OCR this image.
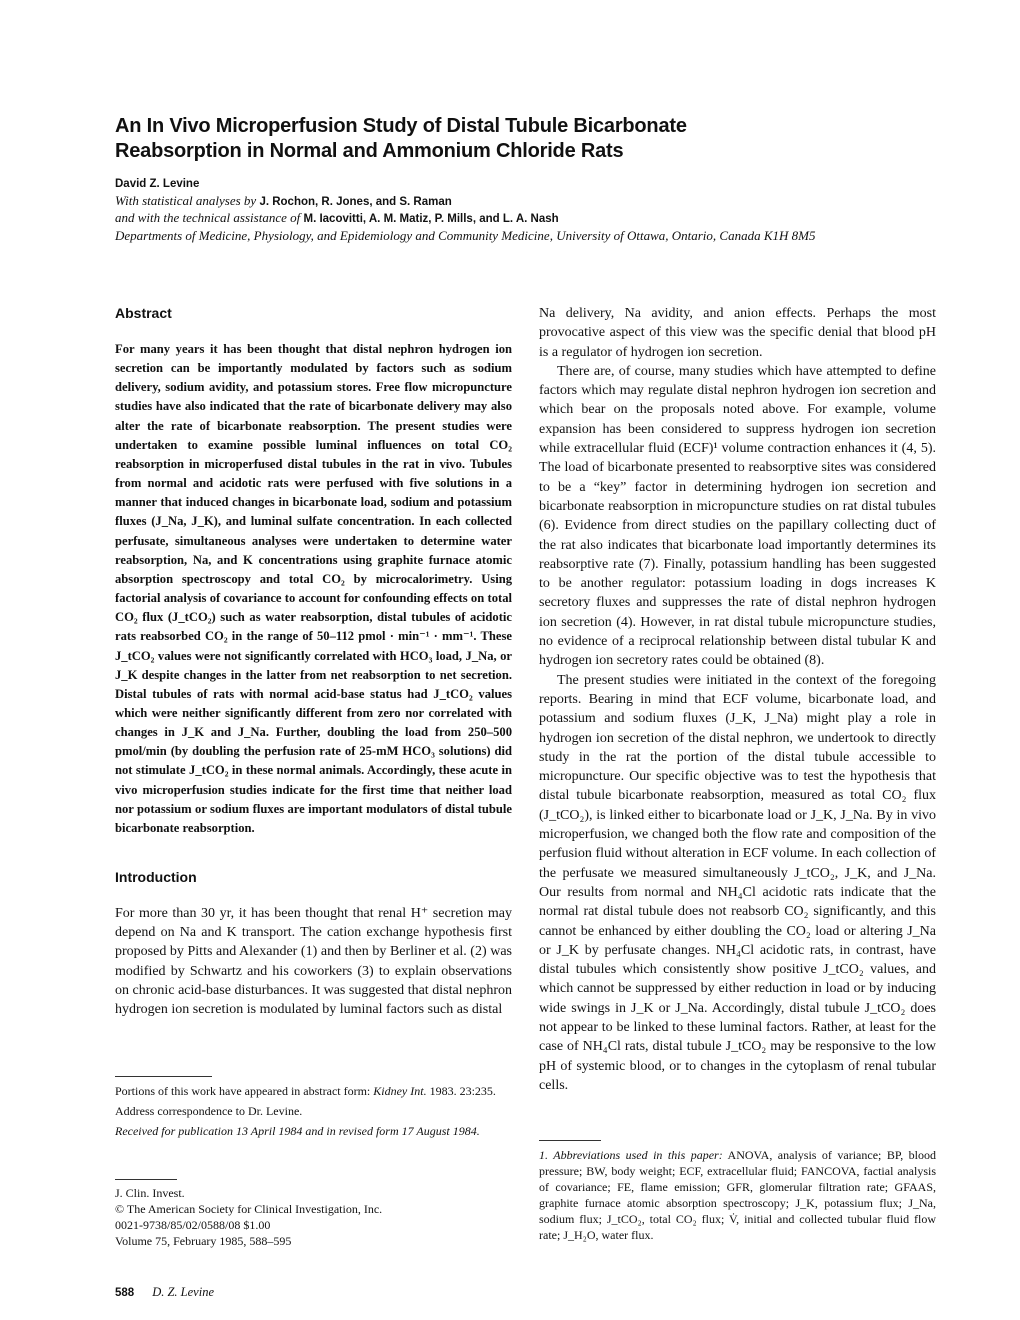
An In Vivo Microperfusion Study of Distal Tubule Bicarbonate
Reabsorption in Normal and Ammonium Chloride Rats
David Z. Levine
With statistical analyses by J. Rochon, R. Jones, and S. Raman
and with the technical assistance of M. Iacovitti, A. M. Matiz, P. Mills, and L. A. Nash
Departments of Medicine, Physiology, and Epidemiology and Community Medicine, University of Ottawa, Ontario, Canada K1H 8M5
Abstract

For many years it has been thought that distal nephron hydrogen ion secretion can be importantly modulated by factors such as sodium delivery, sodium avidity, and potassium stores. Free flow micropuncture studies have also indicated that the rate of bicarbonate delivery may also alter the rate of bicarbonate reabsorption. The present studies were undertaken to examine possible luminal influences on total CO₂ reabsorption in microperfused distal tubules in the rat in vivo. Tubules from normal and acidotic rats were perfused with five solutions in a manner that induced changes in bicarbonate load, sodium and potassium fluxes (J_Na, J_K), and luminal sulfate concentration. In each collected perfusate, simultaneous analyses were undertaken to determine water reabsorption, Na, and K concentrations using graphite furnace atomic absorption spectroscopy and total CO₂ by microcalorimetry. Using factorial analysis of covariance to account for confounding effects on total CO₂ flux (J_tCO₂) such as water reabsorption, distal tubules of acidotic rats reabsorbed CO₂ in the range of 50–112 pmol · min⁻¹ · mm⁻¹. These J_tCO₂ values were not significantly correlated with HCO₃ load, J_Na, or J_K despite changes in the latter from net reabsorption to net secretion. Distal tubules of rats with normal acid-base status had J_tCO₂ values which were neither significantly different from zero nor correlated with changes in J_K and J_Na. Further, doubling the load from 250–500 pmol/min (by doubling the perfusion rate of 25-mM HCO₃ solutions) did not stimulate J_tCO₂ in these normal animals. Accordingly, these acute in vivo microperfusion studies indicate for the first time that neither load nor potassium or sodium fluxes are important modulators of distal tubule bicarbonate reabsorption.

Introduction

For more than 30 yr, it has been thought that renal H⁺ secretion may depend on Na and K transport. The cation exchange hypothesis first proposed by Pitts and Alexander (1) and then by Berliner et al. (2) was modified by Schwartz and his coworkers (3) to explain observations on chronic acid-base disturbances. It was suggested that distal nephron hydrogen ion secretion is modulated by luminal factors such as distal

Portions of this work have appeared in abstract form: Kidney Int. 1983. 23:235.

Address correspondence to Dr. Levine.

Received for publication 13 April 1984 and in revised form 17 August 1984.

J. Clin. Invest.

© The American Society for Clinical Investigation, Inc.

0021-9738/85/02/0588/08 $1.00

Volume 75, February 1985, 588–595

Na delivery, Na avidity, and anion effects. Perhaps the most provocative aspect of this view was the specific denial that blood pH is a regulator of hydrogen ion secretion.

There are, of course, many studies which have attempted to define factors which may regulate distal nephron hydrogen ion secretion and which bear on the proposals noted above. For example, volume expansion has been considered to suppress hydrogen ion secretion while extracellular fluid (ECF)¹ volume contraction enhances it (4, 5). The load of bicarbonate presented to reabsorptive sites was considered to be a “key” factor in determining hydrogen ion secretion and bicarbonate reabsorption in micropuncture studies on rat distal tubules (6). Evidence from direct studies on the papillary collecting duct of the rat also indicates that bicarbonate load importantly determines its reabsorptive rate (7). Finally, potassium handling has been suggested to be another regulator: potassium loading in dogs increases K secretory fluxes and suppresses the rate of distal nephron hydrogen ion secretion (4). However, in rat distal tubule micropuncture studies, no evidence of a reciprocal relationship between distal tubular K and hydrogen ion secretory rates could be obtained (8).

The present studies were initiated in the context of the foregoing reports. Bearing in mind that ECF volume, bicarbonate load, and potassium and sodium fluxes (J_K, J_Na) might play a role in hydrogen ion secretion of the distal nephron, we undertook to directly study in the rat the portion of the distal tubule accessible to micropuncture. Our specific objective was to test the hypothesis that distal tubule bicarbonate reabsorption, measured as total CO₂ flux (J_tCO₂), is linked either to bicarbonate load or J_K, J_Na. By in vivo microperfusion, we changed both the flow rate and composition of the perfusion fluid without alteration in ECF volume. In each collection of the perfusate we measured simultaneously J_tCO₂, J_K, and J_Na. Our results from normal and NH₄Cl acidotic rats indicate that the normal rat distal tubule does not reabsorb CO₂ significantly, and this cannot be enhanced by either doubling the CO₂ load or altering J_Na or J_K by perfusate changes. NH₄Cl acidotic rats, in contrast, have distal tubules which consistently show positive J_tCO₂ values, and which cannot be suppressed by either reduction in load or by inducing wide swings in J_K or J_Na. Accordingly, distal tubule J_tCO₂ does not appear to be linked to these luminal factors. Rather, at least for the case of NH₄Cl rats, distal tubule J_tCO₂ may be responsive to the low pH of systemic blood, or to changes in the cytoplasm of renal tubular cells.

1. Abbreviations used in this paper: ANOVA, analysis of variance; BP, blood pressure; BW, body weight; ECF, extracellular fluid; FANCOVA, factial analysis of covariance; FE, flame emission; GFR, glomerular filtration rate; GFAAS, graphite furnace atomic absorption spectroscopy; J_K, potassium flux; J_Na, sodium flux; J_tCO₂, total CO₂ flux; V̇, initial and collected tubular fluid flow rate; J_H₂O, water flux.

588 D. Z. Levine
